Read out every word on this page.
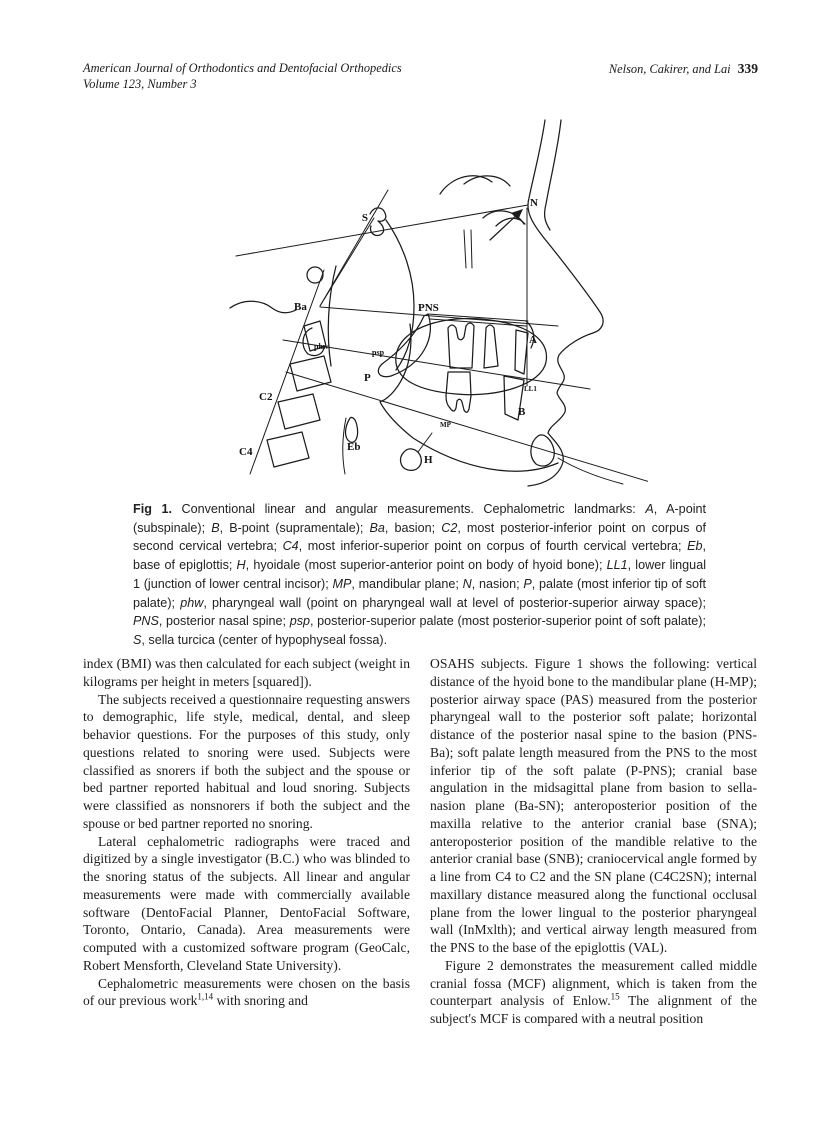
American Journal of Orthodontics and Dentofacial Orthopedics
Volume 123, Number 3
Nelson, Cakirer, and Lai 339
S
N
Ba	PNS
phw
psp
P
C2
C4	Eb
H
A
LL1
B
MP
Fig 1. Conventional linear and angular measurements. Cephalometric landmarks: A, A-point (subspinale); B, B-point (supramentale); Ba, basion; C2, most posterior-inferior point on corpus of second cervical vertebra; C4, most inferior-superior point on corpus of fourth cervical vertebra; Eb, base of epiglottis; H, hyoidale (most superior-anterior point on body of hyoid bone); LL1, lower lingual 1 (junction of lower central incisor); MP, mandibular plane; N, nasion; P, palate (most inferior tip of soft palate); phw, pharyngeal wall (point on pharyngeal wall at level of posterior-superior airway space); PNS, posterior nasal spine; psp, posterior-superior palate (most posterior-superior point of soft palate); S, sella turcica (center of hypophyseal fossa).

index (BMI) was then calculated for each subject (weight in kilograms per height in meters [squared]).

The subjects received a questionnaire requesting answers to demographic, life style, medical, dental, and sleep behavior questions. For the purposes of this study, only questions related to snoring were used. Subjects were classified as snorers if both the subject and the spouse or bed partner reported habitual and loud snoring. Subjects were classified as nonsnorers if both the subject and the spouse or bed partner reported no snoring.

Lateral cephalometric radiographs were traced and digitized by a single investigator (B.C.) who was blinded to the snoring status of the subjects. All linear and angular measurements were made with commercially available software (DentoFacial Planner, DentoFacial Software, Toronto, Ontario, Canada). Area measurements were computed with a customized software program (GeoCalc, Robert Mensforth, Cleveland State University).

Cephalometric measurements were chosen on the basis of our previous work$^{1,14}$ with snoring and

OSAHS subjects. Figure 1 shows the following: vertical distance of the hyoid bone to the mandibular plane (H-MP); posterior airway space (PAS) measured from the posterior pharyngeal wall to the posterior soft palate; horizontal distance of the posterior nasal spine to the basion (PNS-Ba); soft palate length measured from the PNS to the most inferior tip of the soft palate (P-PNS); cranial base angulation in the midsagittal plane from basion to sella-nasion plane (Ba-SN); anteroposterior position of the maxilla relative to the anterior cranial base (SNA); anteroposterior position of the mandible relative to the anterior cranial base (SNB); craniocervical angle formed by a line from C4 to C2 and the SN plane (C4C2SN); internal maxillary distance measured along the functional occlusal plane from the lower lingual to the posterior pharyngeal wall (InMxlth); and vertical airway length measured from the PNS to the base of the epiglottis (VAL).

Figure 2 demonstrates the measurement called middle cranial fossa (MCF) alignment, which is taken from the counterpart analysis of Enlow.$^{15}$ The alignment of the subject's MCF is compared with a neutral position
